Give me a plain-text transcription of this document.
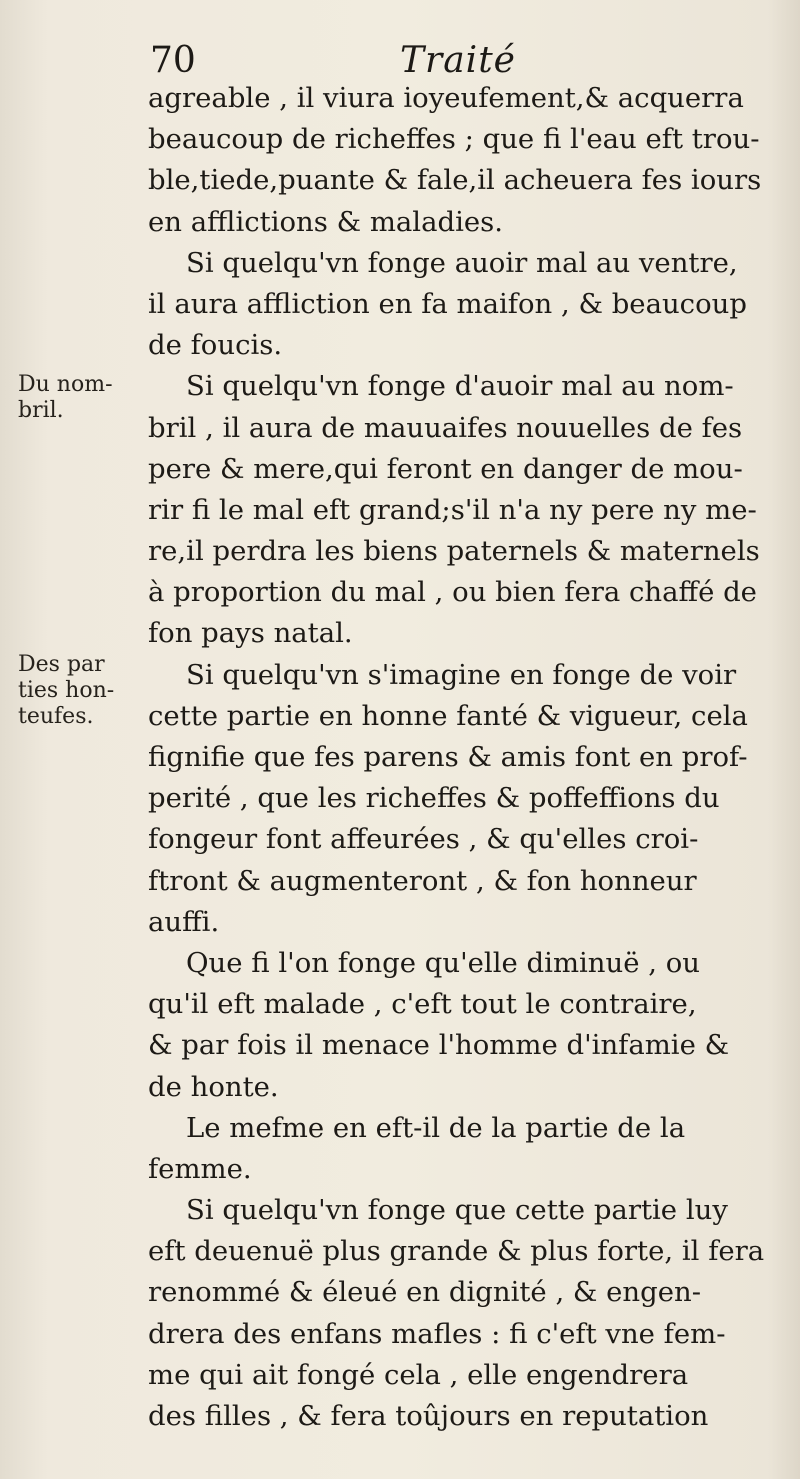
70	Traité
Du nom-
bril.
Des par
ties hon-
teufes.
agreable , il viura ioyeufement,& acquerra
beaucoup de richeffes ; que fi l'eau eft trou-
ble,tiede,puante & fale,il acheuera fes iours
en afflictions & maladies.
Si quelqu'vn fonge auoir mal au ventre,
il aura affliction en fa maifon , & beaucoup
de foucis.
Si quelqu'vn fonge d'auoir mal au nom-
bril , il aura de mauuaifes nouuelles de fes
pere & mere,qui feront en danger de mou-
rir fi le mal eft grand;s'il n'a ny pere ny me-
re,il perdra les biens paternels & maternels
à proportion du mal , ou bien fera chaffé de
fon pays natal.
Si quelqu'vn s'imagine en fonge de voir
cette partie en honne fanté & vigueur, cela
fignifie que fes parens & amis font en prof-
perité , que les richeffes & poffeffions du
fongeur font affeurées , & qu'elles croi-
ftront & augmenteront , & fon honneur
auffi.
Que fi l'on fonge qu'elle diminuë , ou
qu'il eft malade , c'eft tout le contraire,
& par fois il menace l'homme d'infamie &
de honte.
Le mefme en eft-il de la partie de la
femme.
Si quelqu'vn fonge que cette partie luy
eft deuenuë plus grande & plus forte, il fera
renommé & éleué en dignité , & engen-
drera des enfans mafles : fi c'eft vne fem-
me qui ait fongé cela , elle engendrera
des filles , & fera toûjours en reputation
